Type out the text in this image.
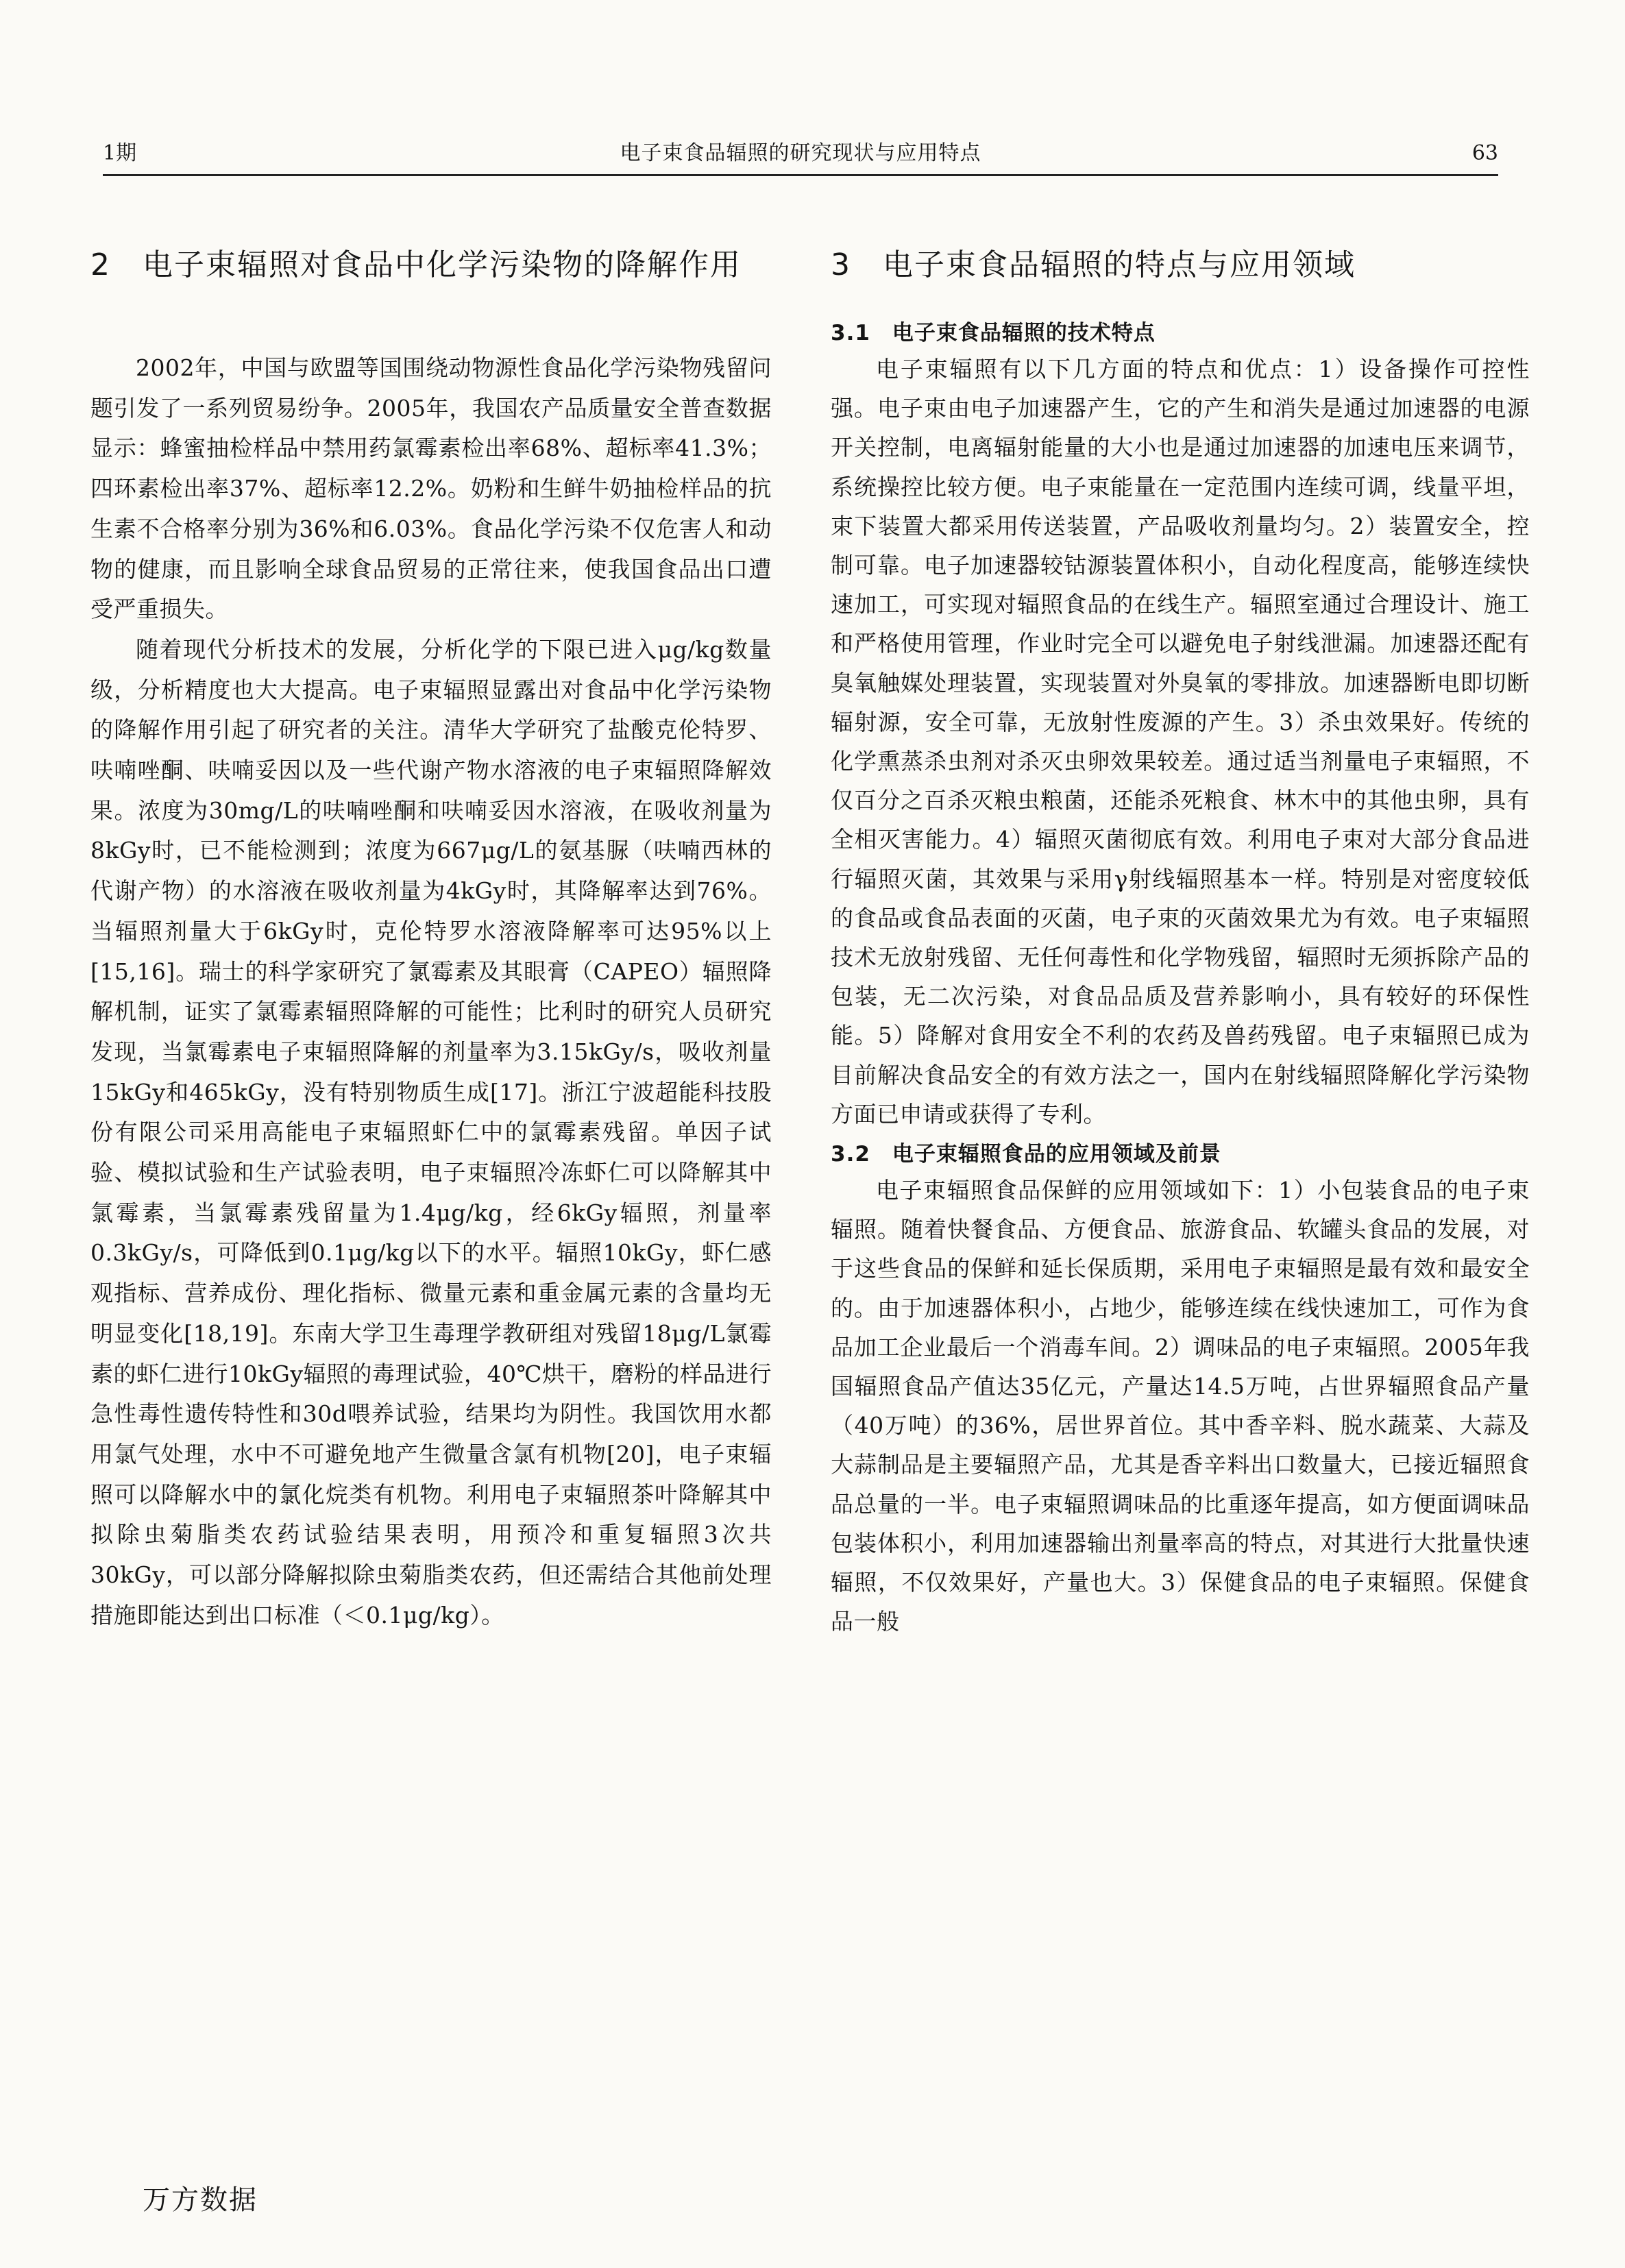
1期	电子束食品辐照的研究现状与应用特点	63
2　电子束辐照对食品中化学污染物的降解作用

2002年，中国与欧盟等国围绕动物源性食品化学污染物残留问题引发了一系列贸易纷争。2005年，我国农产品质量安全普查数据显示：蜂蜜抽检样品中禁用药氯霉素检出率68%、超标率41.3%；四环素检出率37%、超标率12.2%。奶粉和生鲜牛奶抽检样品的抗生素不合格率分别为36%和6.03%。食品化学污染不仅危害人和动物的健康，而且影响全球食品贸易的正常往来，使我国食品出口遭受严重损失。

随着现代分析技术的发展，分析化学的下限已进入μg/kg数量级，分析精度也大大提高。电子束辐照显露出对食品中化学污染物的降解作用引起了研究者的关注。清华大学研究了盐酸克伦特罗、呋喃唑酮、呋喃妥因以及一些代谢产物水溶液的电子束辐照降解效果。浓度为30mg/L的呋喃唑酮和呋喃妥因水溶液，在吸收剂量为8kGy时，已不能检测到；浓度为667μg/L的氨基脲（呋喃西林的代谢产物）的水溶液在吸收剂量为4kGy时，其降解率达到76%。当辐照剂量大于6kGy时，克伦特罗水溶液降解率可达95%以上[15,16]。瑞士的科学家研究了氯霉素及其眼膏（CAPEO）辐照降解机制，证实了氯霉素辐照降解的可能性；比利时的研究人员研究发现，当氯霉素电子束辐照降解的剂量率为3.15kGy/s，吸收剂量15kGy和465kGy，没有特别物质生成[17]。浙江宁波超能科技股份有限公司采用高能电子束辐照虾仁中的氯霉素残留。单因子试验、模拟试验和生产试验表明，电子束辐照冷冻虾仁可以降解其中氯霉素，当氯霉素残留量为1.4μg/kg，经6kGy辐照，剂量率0.3kGy/s，可降低到0.1μg/kg以下的水平。辐照10kGy，虾仁感观指标、营养成份、理化指标、微量元素和重金属元素的含量均无明显变化[18,19]。东南大学卫生毒理学教研组对残留18μg/L氯霉素的虾仁进行10kGy辐照的毒理试验，40℃烘干，磨粉的样品进行急性毒性遗传特性和30d喂养试验，结果均为阴性。我国饮用水都用氯气处理，水中不可避免地产生微量含氯有机物[20]，电子束辐照可以降解水中的氯化烷类有机物。利用电子束辐照茶叶降解其中拟除虫菊脂类农药试验结果表明，用预冷和重复辐照3次共30kGy，可以部分降解拟除虫菊脂类农药，但还需结合其他前处理措施即能达到出口标准（＜0.1μg/kg）。

3　电子束食品辐照的特点与应用领域
3.1　电子束食品辐照的技术特点

电子束辐照有以下几方面的特点和优点：1）设备操作可控性强。电子束由电子加速器产生，它的产生和消失是通过加速器的电源开关控制，电离辐射能量的大小也是通过加速器的加速电压来调节，系统操控比较方便。电子束能量在一定范围内连续可调，线量平坦，束下装置大都采用传送装置，产品吸收剂量均匀。2）装置安全，控制可靠。电子加速器较钴源装置体积小，自动化程度高，能够连续快速加工，可实现对辐照食品的在线生产。辐照室通过合理设计、施工和严格使用管理，作业时完全可以避免电子射线泄漏。加速器还配有臭氧触媒处理装置，实现装置对外臭氧的零排放。加速器断电即切断辐射源，安全可靠，无放射性废源的产生。3）杀虫效果好。传统的化学熏蒸杀虫剂对杀灭虫卵效果较差。通过适当剂量电子束辐照，不仅百分之百杀灭粮虫粮菌，还能杀死粮食、林木中的其他虫卵，具有全相灭害能力。4）辐照灭菌彻底有效。利用电子束对大部分食品进行辐照灭菌，其效果与采用γ射线辐照基本一样。特别是对密度较低的食品或食品表面的灭菌，电子束的灭菌效果尤为有效。电子束辐照技术无放射残留、无任何毒性和化学物残留，辐照时无须拆除产品的包装，无二次污染，对食品品质及营养影响小，具有较好的环保性能。5）降解对食用安全不利的农药及兽药残留。电子束辐照已成为目前解决食品安全的有效方法之一，国内在射线辐照降解化学污染物方面已申请或获得了专利。

3.2　电子束辐照食品的应用领域及前景

电子束辐照食品保鲜的应用领域如下：1）小包装食品的电子束辐照。随着快餐食品、方便食品、旅游食品、软罐头食品的发展，对于这些食品的保鲜和延长保质期，采用电子束辐照是最有效和最安全的。由于加速器体积小，占地少，能够连续在线快速加工，可作为食品加工企业最后一个消毒车间。2）调味品的电子束辐照。2005年我国辐照食品产值达35亿元，产量达14.5万吨，占世界辐照食品产量（40万吨）的36%，居世界首位。其中香辛料、脱水蔬菜、大蒜及大蒜制品是主要辐照产品，尤其是香辛料出口数量大，已接近辐照食品总量的一半。电子束辐照调味品的比重逐年提高，如方便面调味品包装体积小，利用加速器输出剂量率高的特点，对其进行大批量快速辐照，不仅效果好，产量也大。3）保健食品的电子束辐照。保健食品一般

万方数据
